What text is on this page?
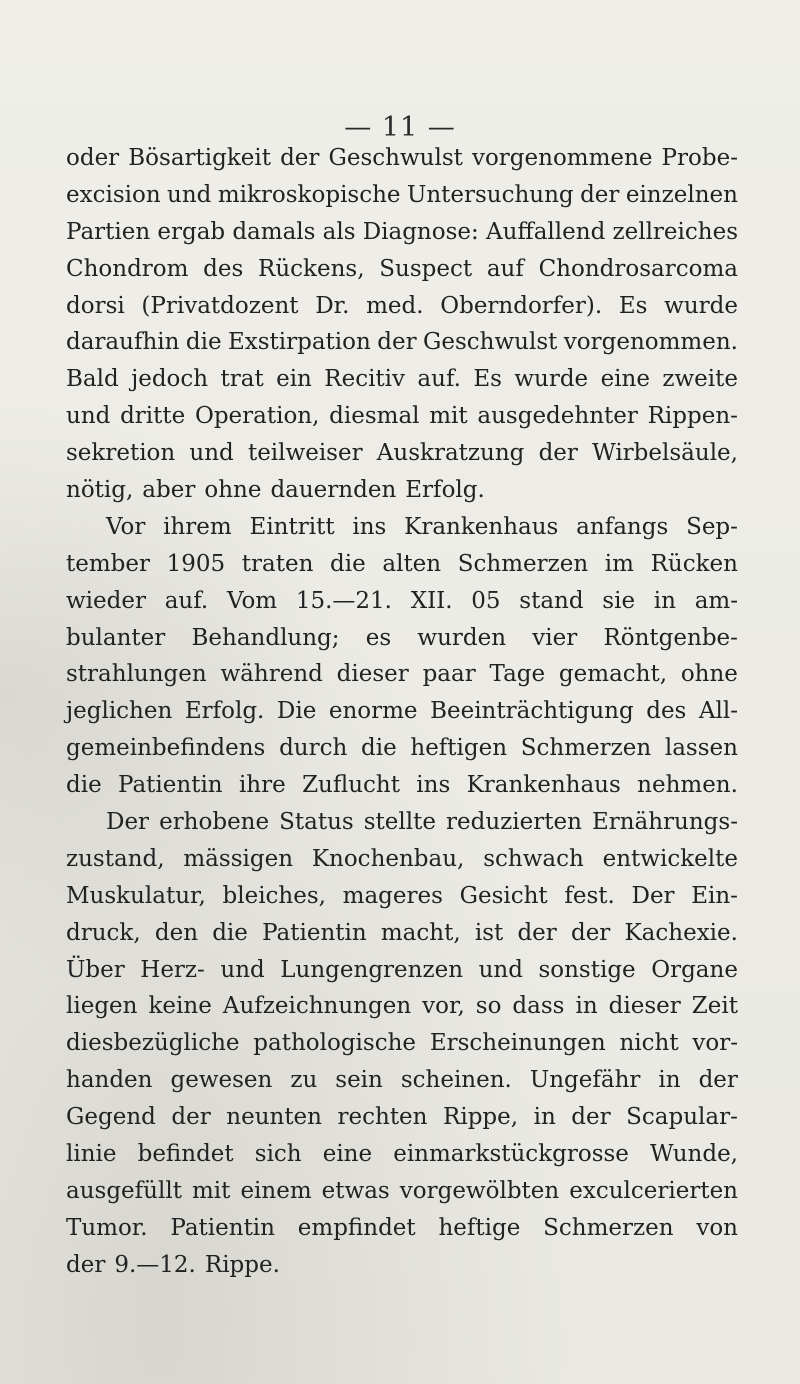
— 11 —
oder Bösartigkeit der Geschwulst vorgenommene Probe-
excision und mikroskopische Untersuchung der einzelnen
Partien ergab damals als Diagnose: Auffallend zellreiches
Chondrom des Rückens, Suspect auf Chondrosarcoma
dorsi (Privatdozent Dr. med. Oberndorfer). Es wurde
daraufhin die Exstirpation der Geschwulst vorgenommen.
Bald jedoch trat ein Recitiv auf. Es wurde eine zweite
und dritte Operation, diesmal mit ausgedehnter Rippen-
sekretion und teilweiser Auskratzung der Wirbelsäule,
nötig, aber ohne dauernden Erfolg.
Vor ihrem Eintritt ins Krankenhaus anfangs Sep-
tember 1905 traten die alten Schmerzen im Rücken
wieder auf. Vom 15.—21. XII. 05 stand sie in am-
bulanter Behandlung; es wurden vier Röntgenbe-
strahlungen während dieser paar Tage gemacht, ohne
jeglichen Erfolg. Die enorme Beeinträchtigung des All-
gemeinbefindens durch die heftigen Schmerzen lassen
die Patientin ihre Zuflucht ins Krankenhaus nehmen.
Der erhobene Status stellte reduzierten Ernährungs-
zustand, mässigen Knochenbau, schwach entwickelte
Muskulatur, bleiches, mageres Gesicht fest. Der Ein-
druck, den die Patientin macht, ist der der Kachexie.
Über Herz- und Lungengrenzen und sonstige Organe
liegen keine Aufzeichnungen vor, so dass in dieser Zeit
diesbezügliche pathologische Erscheinungen nicht vor-
handen gewesen zu sein scheinen. Ungefähr in der
Gegend der neunten rechten Rippe, in der Scapular-
linie befindet sich eine einmarkstückgrosse Wunde,
ausgefüllt mit einem etwas vorgewölbten exculcerierten
Tumor. Patientin empfindet heftige Schmerzen von
der 9.—12. Rippe.
